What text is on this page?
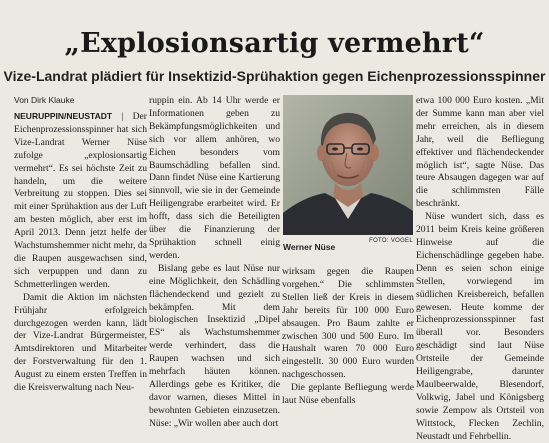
„Explosionsartig vermehrt“
Vize-Landrat plädiert für Insektizid-Sprühaktion gegen Eichenprozessionsspinner
Von Dirk Klauke

NEURUPPIN/NEUSTADT | Der Eichenprozessionsspinner hat sich Vize-Landrat Werner Nüse zufolge „explosionsartig vermehrt“. Es sei höchste Zeit zu handeln, um die weitere Verbreitung zu stoppen. Dies sei mit einer Sprühaktion aus der Luft am besten möglich, aber erst im April 2013. Denn jetzt helfe der Wachstumshemmer nicht mehr, da die Raupen ausgewachsen sind, sich verpuppen und dann zu Schmetterlingen werden.

Damit die Aktion im nächsten Frühjahr erfolgreich durchgezogen werden kann, lädt der Vize-Landrat Bürgermeister, Amtsdirektoren und Mitarbeiter der Forstverwaltung für den 1. August zu einem ersten Treffen in die Kreisverwaltung nach Neu-

ruppin ein. Ab 14 Uhr werde er Informationen geben zu Bekämpfungsmöglichkeiten und sich vor allem anhören, wo Eichen besonders vom Baumschädling befallen sind. Dann findet Nüse eine Kartierung sinnvoll, wie sie in der Gemeinde Heiligengrabe erarbeitet wird. Er hofft, dass sich die Beteiligten über die Finanzierung der Sprühaktion schnell einig werden.

Bislang gebe es laut Nüse nur eine Möglichkeit, den Schädling flächendeckend und gezielt zu bekämpfen. Mit dem biologischen Insektizid „Dipel ES“ als Wachstumshemmer werde verhindert, dass die Raupen wachsen und sich mehrfach häuten können. Allerdings gebe es Kritiker, die davor warnen, dieses Mittel in bewohnten Gebieten einzusetzen. Nüse: „Wir wollen aber auch dort

Werner Nüse
FOTO: VOGEL

wirksam gegen die Raupen vorgehen.“ Die schlimmsten Stellen ließ der Kreis in diesem Jahr bereits für 100 000 Euro absaugen. Pro Baum zahlte er zwischen 300 und 500 Euro. Im Haushalt waren 70 000 Euro eingestellt. 30 000 Euro wurden nachgeschossen.

Die geplante Befliegung werde laut Nüse ebenfalls

etwa 100 000 Euro kosten. „Mit der Summe kann man aber viel mehr erreichen, als in diesem Jahr, weil die Befliegung effektiver und flächendeckender möglich ist“, sagte Nüse. Das teure Absaugen dagegen war auf die schlimmsten Fälle beschränkt.

Nüse wundert sich, dass es 2011 beim Kreis keine größeren Hinweise auf die Eichenschädlinge gegeben habe. Denn es seien schon einige Stellen, vorwiegend im südlichen Kreisbereich, befallen gewesen. Heute komme der Eichenprozessionsspinner fast überall vor. Besonders geschädigt sind laut Nüse Ortsteile der Gemeinde Heiligengrabe, darunter Maulbeerwalde, Blesendorf, Volkwig, Jabel und Königsberg sowie Zempow als Ortsteil von Wittstock, Flecken Zechlin, Neustadt und Fehrbellin.
